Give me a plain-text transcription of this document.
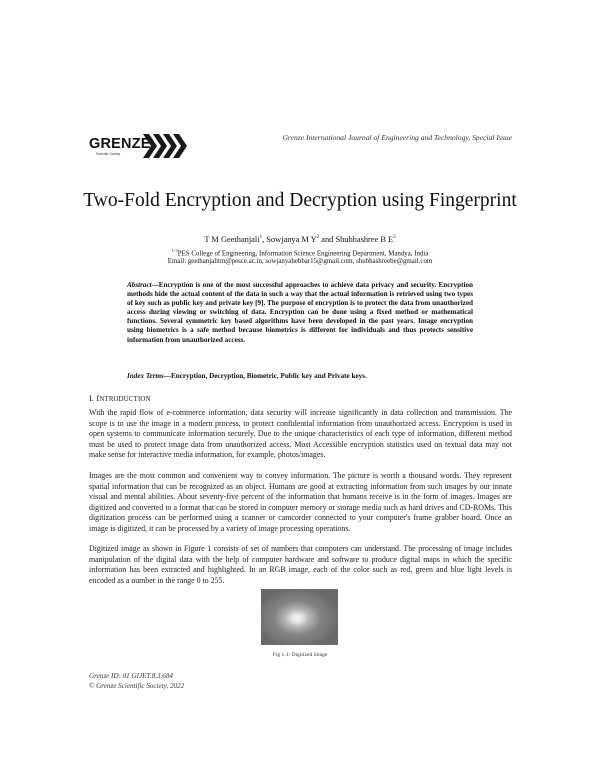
Grenze International Journal of Engineering and Technology, Special Issue
GRENZE
Scientific Society
Two-Fold Encryption and Decryption using Fingerprint
T M Geethanjali$^1$, Sowjanya M $Y^2$ and Shubhashree B $E^3$
$^{1-3}$PES College of Engineering, Information Science Engineering Department, Mandya, India
Email: geethanjalitm@pesce.ac.in, sowjanyahebbar15@gmail.com, shubhashreebe@gmail.com
Abstract—Encryption is one of the most successful approaches to achieve data privacy and security. Encryption methods hide the actual content of the data in such a way that the actual information is retrieved using two types of key such as public key and private key [9]. The purpose of encryption is to protect the data from unauthorized access during viewing or switching of data. Encryption can be done using a fixed method or mathematical functions. Several symmetric key based algorithms have been developed in the past years. Image encryption using biometrics is a safe method because biometrics is different for individuals and thus protects sensitive information from unauthorized access.
Index Terms—Encryption, Decryption, Biometric, Public key and Private keys.
I. INTRODUCTION

With the rapid flow of e-commerce information, data security will increase significantly in data collection and transmission. The scope is to use the image in a modern process, to protect confidential information from unauthorized access. Encryption is used in open systems to communicate information securely. Due to the unique characteristics of each type of information, different method must be used to protect image data from unauthorized access. Most Accessible encryption statistics used on textual data may not make sense for interactive media information, for example, photos/images.

Images are the most common and convenient way to convey information. The picture is worth a thousand words. They represent spatial information that can be recognized as an object. Humans are good at extracting information from such images by our innate visual and mental abilities. About seventy-five percent of the information that humans receive is in the form of images. Images are digitized and converted to a format that can be stored in computer memory or storage media such as hard drives and CD-ROMs. This digitization process can be performed using a scanner or camcorder connected to your computer's frame grabber board. Once an image is digitized, it can be processed by a variety of image processing operations.

Digitized image as shown in Figure 1 consists of set of numbers that computers can understand. The processing of image includes manipulation of the digital data with the help of computer hardware and software to produce digital maps in which the specific information has been extracted and highlighted. In an RGB image, each of the color such as red, green and blue light levels is encoded as a number in the range 0 to 255.

Fig 1.1: Digitized image
Grenze ID: 01.GIJET.8.3.684
© Grenze Scientific Society, 2022
